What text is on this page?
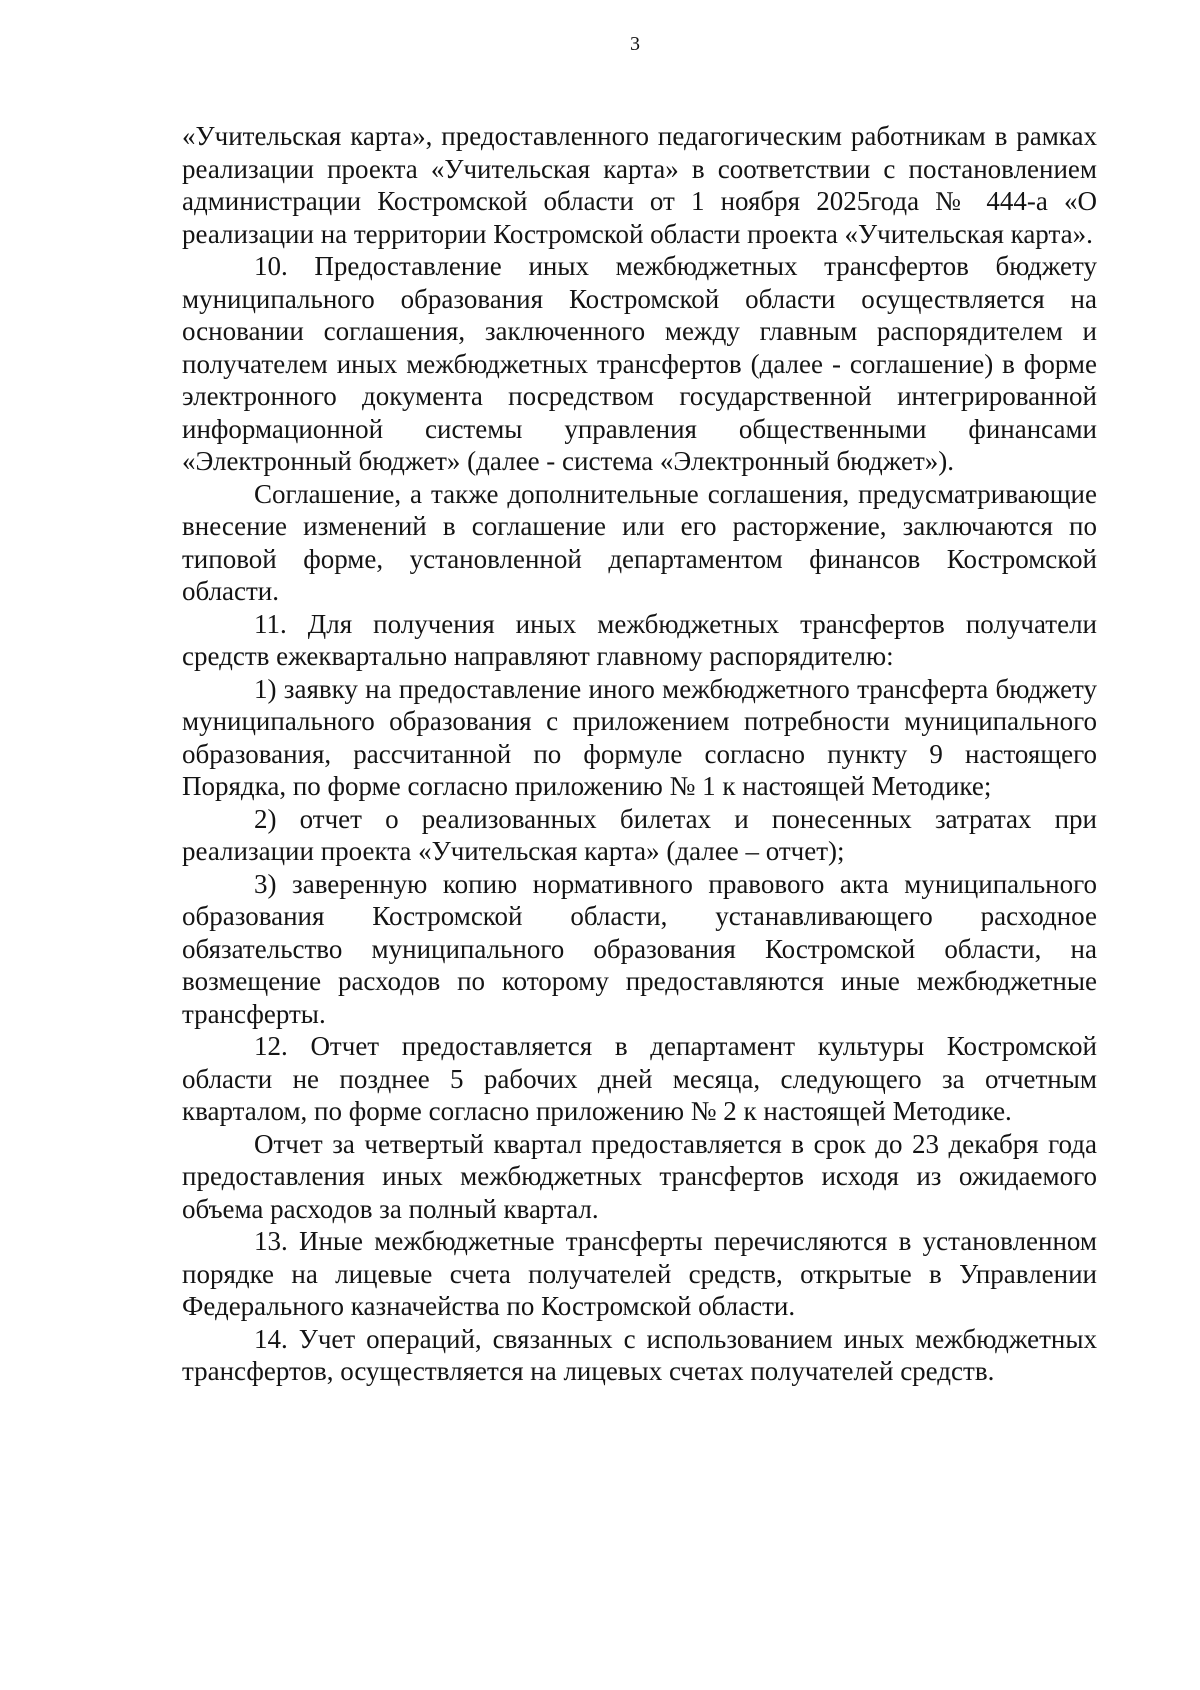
3

«Учительская карта», предоставленного педагогическим работникам в рамках реализации проекта «Учительская карта» в соответствии с постановлением администрации Костромской области от 1 ноября 2025года № 444-а «О реализации на территории Костромской области проекта «Учительская карта».

10. Предоставление иных межбюджетных трансфертов бюджету муниципального образования Костромской области осуществляется на основании соглашения, заключенного между главным распорядителем и получателем иных межбюджетных трансфертов (далее - соглашение) в форме электронного документа посредством государственной интегрированной информационной системы управления общественными финансами «Электронный бюджет» (далее - система «Электронный бюджет»).

Соглашение, а также дополнительные соглашения, предусматривающие внесение изменений в соглашение или его расторжение, заключаются по типовой форме, установленной департаментом финансов Костромской области.

11. Для получения иных межбюджетных трансфертов получатели средств ежеквартально направляют главному распорядителю:

1) заявку на предоставление иного межбюджетного трансферта бюджету муниципального образования с приложением потребности муниципального образования, рассчитанной по формуле согласно пункту 9 настоящего Порядка, по форме согласно приложению № 1 к настоящей Методике;

2) отчет о реализованных билетах и понесенных затратах при реализации проекта «Учительская карта» (далее – отчет);

3) заверенную копию нормативного правового акта муниципального образования Костромской области, устанавливающего расходное обязательство муниципального образования Костромской области, на возмещение расходов по которому предоставляются иные межбюджетные трансферты.

12. Отчет предоставляется в департамент культуры Костромской области не позднее 5 рабочих дней месяца, следующего за отчетным кварталом, по форме согласно приложению № 2 к настоящей Методике.

Отчет за четвертый квартал предоставляется в срок до 23 декабря года предоставления иных межбюджетных трансфертов исходя из ожидаемого объема расходов за полный квартал.

13. Иные межбюджетные трансферты перечисляются в установленном порядке на лицевые счета получателей средств, открытые в Управлении Федерального казначейства по Костромской области.

14. Учет операций, связанных с использованием иных межбюджетных трансфертов, осуществляется на лицевых счетах получателей средств.
